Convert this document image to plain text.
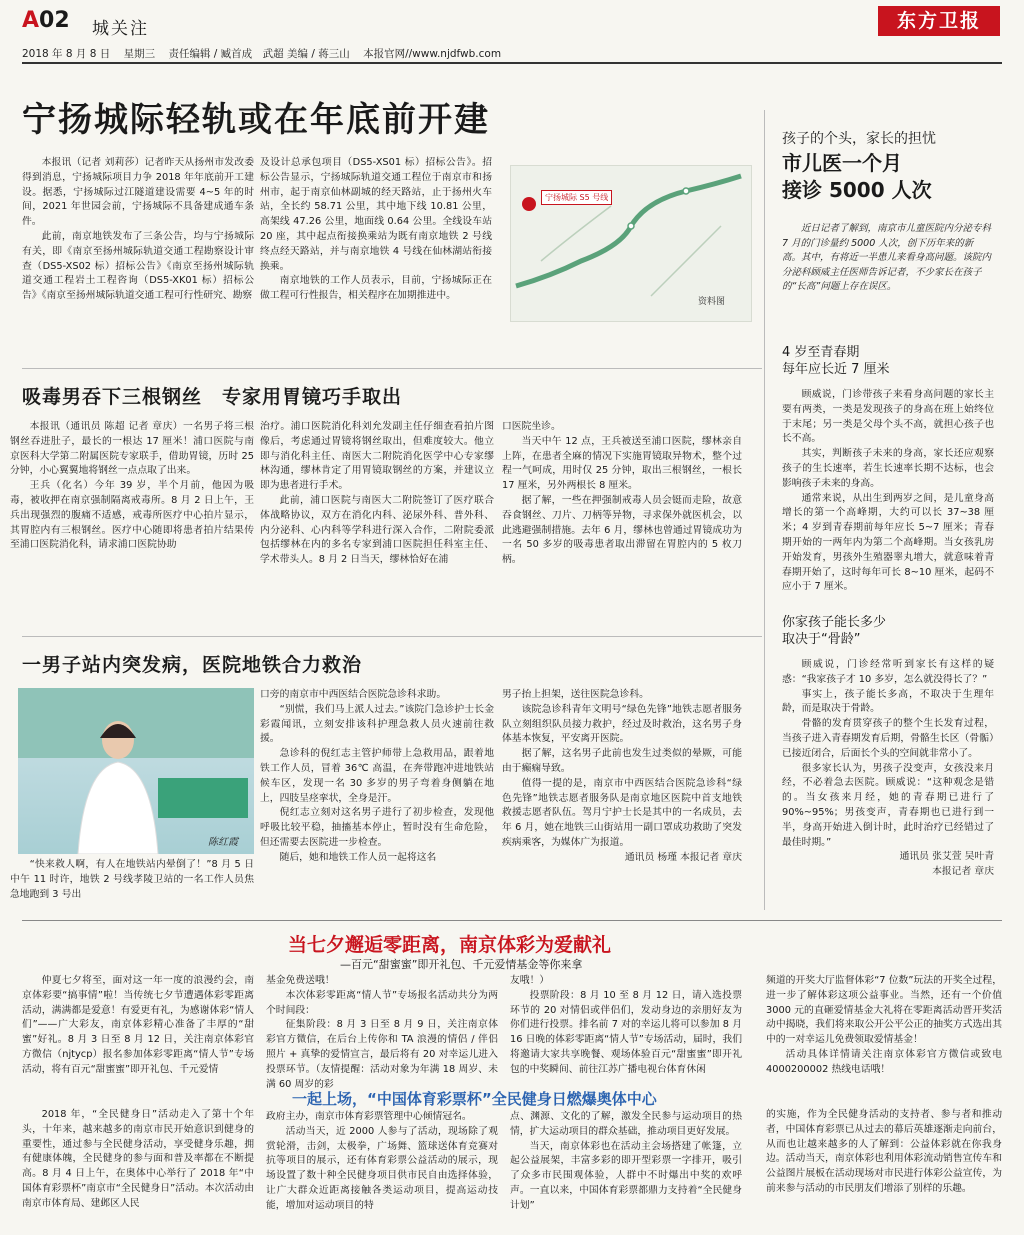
A02 城关注
2018 年 8 月 8 日 星期三 责任编辑 / 臧首成　武超 美编 / 蒋三山 本报官网//www.njdfwb.com
东方卫报
宁扬城际轻轨或在年底前开建

本报讯（记者 刘莉莎）记者昨天从扬州市发改委得到消息，宁扬城际项目力争 2018 年年底前开工建设。据悉，宁扬城际过江隧道建设需要 4~5 年的时间，2021 年世园会前，宁扬城际不具备建成通车条件。

此前，南京地铁发布了三条公告，均与宁扬城际有关，即《南京至扬州城际轨道交通工程勘察设计审查（DS5-XS02 标）招标公告》《南京至扬州城际轨道交通工程岩土工程咨询（DS5-XK01 标）招标公告》《南京至扬州城际轨道交通工程可行性研究、勘察

及设计总承包项目（DS5-XS01 标）招标公告》。招标公告显示，宁扬城际轨道交通工程位于南京市和扬州市，起于南京仙林副城的经天路站，止于扬州火车站，全长约 58.71 公里，其中地下线 10.81 公里，高架线 47.26 公里，地面线 0.64 公里。全线设车站 20 座，其中起点衔接换乘站为既有南京地铁 2 号线终点经天路站，并与南京地铁 4 号线在仙林湖站衔接换乘。

南京地铁的工作人员表示，目前，宁扬城际正在做工程可行性报告，相关程序在加期推进中。

宁扬城际 S5 号线
资料图
吸毒男吞下三根钢丝　专家用胃镜巧手取出

本报讯（通讯员 陈超 记者 章庆）一名男子将三根钢丝吞进肚子，最长的一根达 17 厘米！浦口医院与南京医科大学第二附属医院专家联手，借助胃镜，历时 25 分钟，小心翼翼地将钢丝一点点取了出来。

王兵（化名）今年 39 岁，半个月前，他因为吸毒，被收押在南京强制隔离戒毒所。8 月 2 日上午，王兵出现强烈的腹痛不适感，戒毒所医疗中心拍片显示，其胃腔内有三根钢丝。医疗中心随即将患者拍片结果传至浦口医院消化科，请求浦口医院协助

治疗。浦口医院消化科刘允发副主任仔细查看拍片图像后，考虑通过胃镜将钢丝取出，但难度较大。他立即与消化科主任、南医大二附院消化医学中心专家缪林沟通，缪林肯定了用胃镜取钢丝的方案，并建议立即为患者进行手术。

此前，浦口医院与南医大二附院签订了医疗联合体战略协议，双方在消化内科、泌尿外科、普外科、内分泌科、心内科等学科进行深入合作，二附院委派包括缪林在内的多名专家到浦口医院担任科室主任、学术带头人。8 月 2 日当天，缪林恰好在浦

口医院坐诊。

当天中午 12 点，王兵被送至浦口医院，缪林亲自上阵，在患者全麻的情况下实施胃镜取异物术，整个过程一气呵成，用时仅 25 分钟，取出三根钢丝，一根长 17 厘米，另外两根长 8 厘米。

据了解，一些在押强制戒毒人员会铤而走险，故意吞食钢丝、刀片、刀柄等异物，寻求保外就医机会，以此逃避强制措施。去年 6 月，缪林也曾通过胃镜成功为一名 50 多岁的吸毒患者取出滞留在胃腔内的 5 枚刀柄。

一男子站内突发病，医院地铁合力救治
陈红霞

“快来救人啊，有人在地铁站内晕倒了！”8 月 5 日中午 11 时许，地铁 2 号线孝陵卫站的一名工作人员焦急地跑到 3 号出

口旁的南京市中西医结合医院急诊科求助。

“别慌，我们马上派人过去。”该院门急诊护士长金彩霞闻讯，立刻安排该科护理急救人员火速前往救援。

急诊科的倪红志主管护师带上急救用品，跟着地铁工作人员，冒着 36℃ 高温，在奔带跑冲进地铁站候车区，发现一名 30 多岁的男子弯着身侧躺在地上，四肢呈痉挛状，全身是汗。

倪红志立刻对这名男子进行了初步检查，发现他呼吸比较平稳，抽搐基本停止，暂时没有生命危险，但还需要去医院进一步检查。

随后，她和地铁工作人员一起将这名

男子抬上担架，送往医院急诊科。

该院急诊科青年文明号“绿色先锋”地铁志愿者服务队立刻组织队员接力救护，经过及时救治，这名男子身体基本恢复，平安离开医院。

据了解，这名男子此前也发生过类似的晕厥，可能由于癫痫导致。

值得一提的是，南京市中西医结合医院急诊科“绿色先锋”地铁志愿者服务队是南京地区医院中首支地铁救援志愿者队伍。驾月宁护士长是其中的一名成员，去年 6 月，她在地铁三山街站用一副口罩成功救助了突发疾病乘客，为媒体广为报道。

通讯员 杨瑾 本报记者 章庆
孩子的个头，家长的担忧
市儿医一个月
接诊 5000 人次

近日记者了解到，南京市儿童医院内分泌专科 7 月的门诊量约 5000 人次，创下历年来的新高。其中，有将近一半患儿来看身高问题。该院内分泌科顾威主任医师告诉记者，不少家长在孩子的“长高”问题上存在误区。

4 岁至青春期
每年应长近 7 厘米

顾威说，门诊带孩子来看身高问题的家长主要有两类，一类是发现孩子的身高在班上始终位于末尾；另一类是父母个头不高，就担心孩子也长不高。

其实，判断孩子未来的身高，家长还应观察孩子的生长速率，若生长速率长期不达标，也会影响孩子未来的身高。

通常来说，从出生到两岁之间，是儿童身高增长的第一个高峰期，大约可以长 37~38 厘米；4 岁到青春期前每年应长 5~7 厘米；青春期开始的一两年内为第二个高峰期。当女孩乳房开始发育，男孩外生殖器睾丸增大，就意味着青春期开始了，这时每年可长 8~10 厘米，起码不应小于 7 厘米。

你家孩子能长多少
取决于“骨龄”

顾威说，门诊经常听到家长有这样的疑惑：“我家孩子才 10 多岁，怎么就没得长了？”

事实上，孩子能长多高，不取决于生理年龄，而是取决于骨龄。

骨骼的发育贯穿孩子的整个生长发育过程，当孩子进入青春期发育后期，骨骼生长区（骨骺）已接近闭合，后面长个头的空间就非常小了。

很多家长认为，男孩子没变声，女孩没来月经，不必着急去医院。顾威说：“这种观念是错的。当女孩来月经，她的青春期已进行了 90%~95%；男孩变声，青春期也已进行到一半，身高开始进入倒计时，此时治疗已经错过了最佳时期。”

通讯员 张艾萱 吴叶青
本报记者 章庆
当七夕邂逅零距离，南京体彩为爱献礼
—百元“甜蜜蜜”即开礼包、千元爱情基金等你来拿

仲夏七夕将至，面对这一年一度的浪漫约会，南京体彩要“搞事情”啦！当传统七夕节遭遇体彩零距离活动，满满都是爱意！有爱更有礼，为感谢体彩“情人们”——广大彩友，南京体彩精心准备了丰厚的“甜蜜”好礼。8 月 3 日至 8 月 12 日，关注南京体彩官方微信（njtycp）报名参加体彩零距离“情人节”专场活动，将有百元“甜蜜蜜”即开礼包、千元爱情

基金免费送哦！

本次体彩零距离“情人节”专场报名活动共分为两个时间段：

征集阶段：8 月 3 日至 8 月 9 日，关注南京体彩官方微信，在后台上传你和 TA 浪漫的情侣 / 伴侣照片 + 真挚的爱情宣言，最后将有 20 对幸运儿进入投票环节。（友情提醒：活动对象为年满 18 周岁、未满 60 周岁的彩

友哦！）

投票阶段：8 月 10 至 8 月 12 日，请入选投票环节的 20 对情侣或伴侣们，发动身边的亲朋好友为你们进行投票。排名前 7 对的幸运儿将可以参加 8 月 16 日晚的体彩零距离“情人节”专场活动，届时，我们将邀请大家共享晚餐、观场体验百元“甜蜜蜜”即开礼包的中奖瞬间、前往江苏广播电视台体育休闲

频道的开奖大厅监督体彩“7 位数”玩法的开奖全过程，进一步了解体彩这项公益事业。当然，还有一个价值 3000 元的直砸爱情基金大礼将在零距离活动晋开奖活动中揭晓，我们将来取公开公平公正的抽奖方式选出其中的一对幸运儿免费领取爱情基金！

活动具体详情请关注南京体彩官方微信或致电 4000200002 热线电话哦！

一起上场，“中国体育彩票杯”全民健身日燃爆奥体中心

2018 年，“全民健身日”活动走入了第十个年头，十年来，越来越多的南京市民开始意识到健身的重要性，通过参与全民健身活动，享受健身乐趣，拥有健康体魄，全民健身的参与面和普及率都在不断提高。8 月 4 日上午，在奥体中心举行了 2018 年“中国体育彩票杯”南京市“全民健身日”活动。本次活动由南京市体育局、建邺区人民

政府主办，南京市体育彩票管理中心倾情冠名。

活动当天，近 2000 人参与了活动，现场除了观赏轮滑，击剑，太极拳，广场舞、篮球送体育竞赛对抗等项目的展示，还有体育彩票公益活动的展示，现场设置了数十种全民健身项目供市民自由选择体验，让广大群众近距离接触各类运动项目，提高运动技能，增加对运动项目的特

点、渊源、文化的了解，激发全民参与运动项目的热情，扩大运动项目的群众基础，推动项目更好发展。

当天，南京体彩也在活动主会场搭建了帐篷，立起公益展架，丰富多彩的即开型彩票一字排开，吸引了众多市民围观体验，人群中不时爆出中奖的欢呼声。一直以来，中国体育彩票都鼎力支持着“全民健身计划”

的实施，作为全民健身活动的支持者、参与者和推动者，中国体育彩票已从过去的幕后英雄逐渐走向前台，从而也让越来越多的人了解到：公益体彩就在你我身边。活动当天，南京体彩也利用体彩流动销售宣传车和公益图片展板在活动现场对市民进行体彩公益宣传，为前来参与活动的市民朋友们增添了别样的乐趣。
